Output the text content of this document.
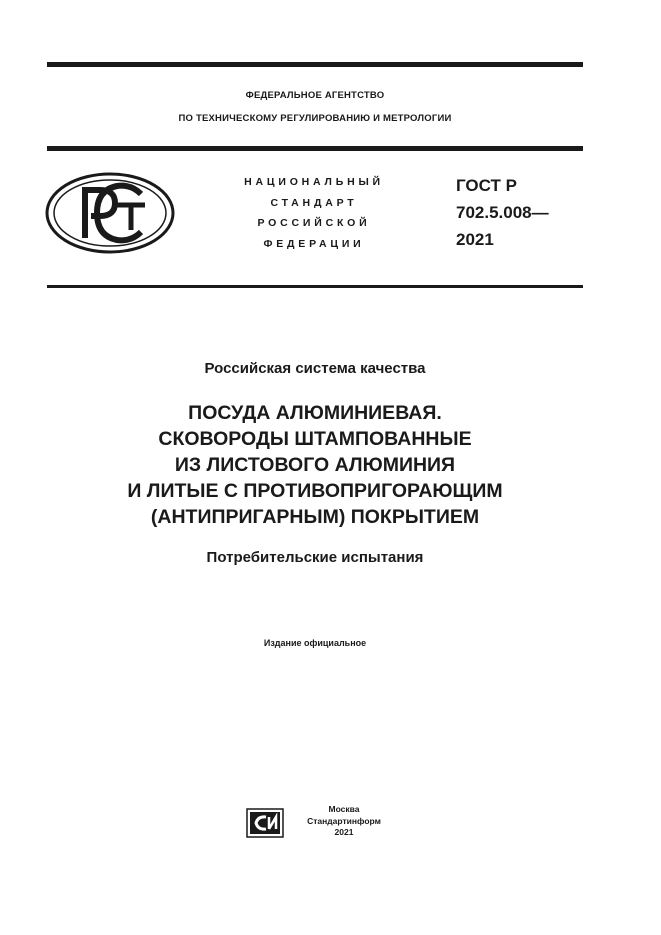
ФЕДЕРАЛЬНОЕ АГЕНТСТВО
ПО ТЕХНИЧЕСКОМУ РЕГУЛИРОВАНИЮ И МЕТРОЛОГИИ
НАЦИОНАЛЬНЫЙ
СТАНДАРТ
РОССИЙСКОЙ
ФЕДЕРАЦИИ
ГОСТ Р
702.5.008—
2021
Российская система качества
ПОСУДА АЛЮМИНИЕВАЯ.
СКОВОРОДЫ ШТАМПОВАННЫЕ
ИЗ ЛИСТОВОГО АЛЮМИНИЯ
И ЛИТЫЕ С ПРОТИВОПРИГОРАЮЩИМ
(АНТИПРИГАРНЫМ) ПОКРЫТИЕМ
Потребительские испытания
Издание официальное
Москва
Стандартинформ
2021
